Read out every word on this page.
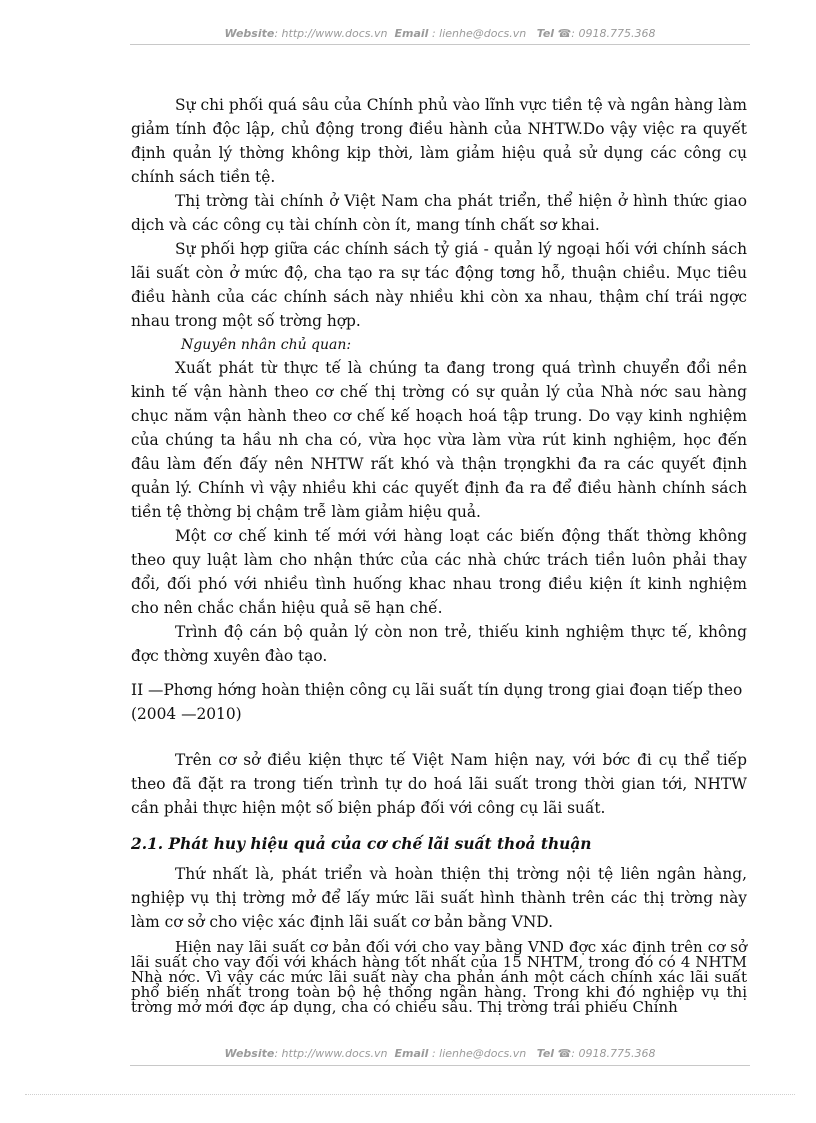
Website: http://www.docs.vn Email : lienhe@docs.vn Tel ☎: 0918.775.368

Sự chi phối quá sâu của Chính phủ vào lĩnh vực tiền tệ và ngân hàng làm giảm tính độc lập, chủ động trong điều hành của NHTW.Do vậy việc ra quyết định quản lý thờng không kịp thời, làm giảm hiệu quả sử dụng các công cụ chính sách tiền tệ.

Thị trờng tài chính ở Việt Nam cha phát triển, thể hiện ở hình thức giao dịch và các công cụ tài chính còn ít, mang tính chất sơ khai.

Sự phối hợp giữa các chính sách tỷ giá - quản lý ngoại hối với chính sách lãi suất còn ở mức độ, cha tạo ra sự tác động tơng hỗ, thuận chiều. Mục tiêu điều hành của các chính sách này nhiều khi còn xa nhau, thậm chí trái ngợc nhau trong một số trờng hợp.

Nguyên nhân chủ quan:

Xuất phát từ thực tế là chúng ta đang trong quá trình chuyển đổi nền kinh tế vận hành theo cơ chế thị trờng có sự quản lý của Nhà nớc sau hàng chục năm vận hành theo cơ chế kế hoạch hoá tập trung. Do vạy kinh nghiệm của chúng ta hầu nh cha có, vừa học vừa làm vừa rút kinh nghiệm, học đến đâu làm đến đấy nên NHTW rất khó và thận trọngkhi đa ra các quyết định quản lý. Chính vì vậy nhiều khi các quyết định đa ra để điều hành chính sách tiền tệ thờng bị chậm trễ làm giảm hiệu quả.

Một cơ chế kinh tế mới với hàng loạt các biến động thất thờng không theo quy luật làm cho nhận thức của các nhà chức trách tiền luôn phải thay đổi, đối phó với nhiều tình huống khac nhau trong điều kiện ít kinh nghiệm cho nên chắc chắn hiệu quả sẽ hạn chế.

Trình độ cán bộ quản lý còn non trẻ, thiếu kinh nghiệm thực tế, không đợc thờng xuyên đào tạo.

II —Phơng hớng hoàn thiện công cụ lãi suất tín dụng trong giai đoạn tiếp theo (2004 —2010)

Trên cơ sở điều kiện thực tế Việt Nam hiện nay, với bớc đi cụ thể tiếp theo đã đặt ra trong tiến trình tự do hoá lãi suất trong thời gian tới, NHTW cần phải thực hiện một số biện pháp đối với công cụ lãi suất.

2.1. Phát huy hiệu quả của cơ chế lãi suất thoả thuận

Thứ nhất là, phát triển và hoàn thiện thị trờng nội tệ liên ngân hàng, nghiệp vụ thị trờng mở để lấy mức lãi suất hình thành trên các thị trờng này làm cơ sở cho việc xác định lãi suất cơ bản bằng VND.

Hiện nay lãi suất cơ bản đối với cho vay bằng VND đợc xác định trên cơ sở lãi suất cho vay đối với khách hàng tốt nhất của 15 NHTM, trong đó có 4 NHTM Nhà nớc. Vì vậy các mức lãi suất này cha phản ánh một cách chính xác lãi suất phổ biến nhất trong toàn bộ hệ thống ngân hàng. Trong khi đó nghiệp vụ thị trờng mở mới đợc áp dụng, cha có chiều sâu. Thị trờng trái phiếu Chính

Website: http://www.docs.vn Email : lienhe@docs.vn Tel ☎: 0918.775.368
